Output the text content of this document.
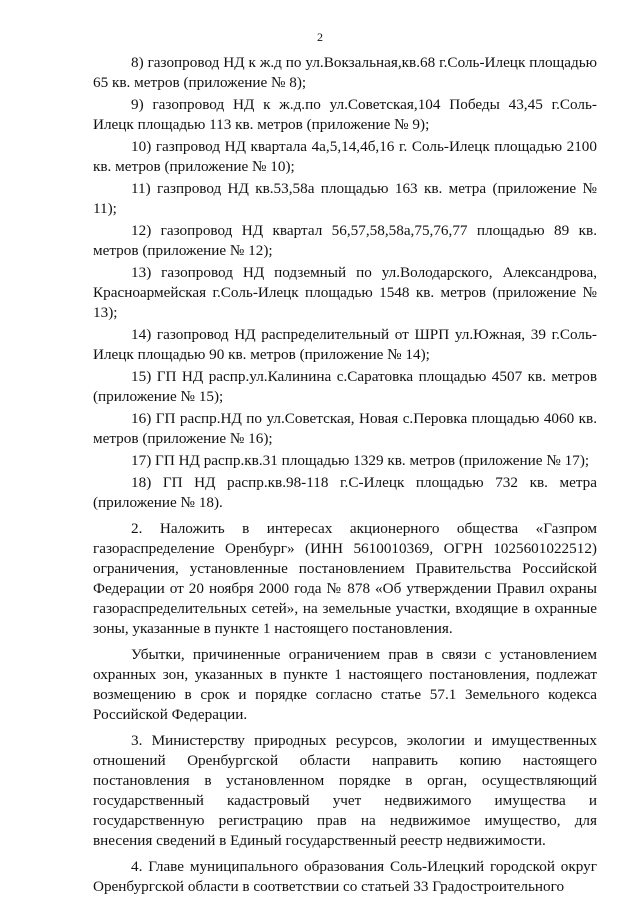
2

8) газопровод НД к ж.д по ул.Вокзальная,кв.68 г.Соль-Илецк площадью 65 кв. метров (приложение № 8);

9) газопровод НД к ж.д.по ул.Советская,104 Победы 43,45 г.Соль-Илецк площадью 113 кв. метров (приложение № 9);

10) газпровод НД квартала 4а,5,14,4б,16 г. Соль-Илецк площадью 2100 кв. метров (приложение № 10);

11) газпровод НД кв.53,58а площадью 163 кв. метра (приложение № 11);

12) газопровод НД квартал 56,57,58,58а,75,76,77 площадью 89 кв. метров (приложение № 12);

13) газопровод НД подземный по ул.Володарского, Александрова, Красноармейская г.Соль-Илецк площадью 1548 кв. метров (приложение № 13);

14) газопровод НД распределительный от ШРП ул.Южная, 39 г.Соль-Илецк площадью 90 кв. метров (приложение № 14);

15) ГП НД распр.ул.Калинина с.Саратовка площадью 4507 кв. метров (приложение № 15);

16) ГП распр.НД по ул.Советская, Новая с.Перовка площадью 4060 кв. метров (приложение № 16);

17) ГП НД распр.кв.31 площадью 1329 кв. метров (приложение № 17);

18) ГП НД распр.кв.98-118 г.С-Илецк площадью 732 кв. метра (приложение № 18).

2. Наложить в интересах акционерного общества «Газпром газораспределение Оренбург» (ИНН 5610010369, ОГРН 1025601022512) ограничения, установленные постановлением Правительства Российской Федерации от 20 ноября 2000 года № 878 «Об утверждении Правил охраны газораспределительных сетей», на земельные участки, входящие в охранные зоны, указанные в пункте 1 настоящего постановления.

Убытки, причиненные ограничением прав в связи с установлением охранных зон, указанных в пункте 1 настоящего постановления, подлежат возмещению в срок и порядке согласно статье 57.1 Земельного кодекса Российской Федерации.

3. Министерству природных ресурсов, экологии и имущественных отношений Оренбургской области направить копию настоящего постановления в установленном порядке в орган, осуществляющий государственный кадастровый учет недвижимого имущества и государственную регистрацию прав на недвижимое имущество, для внесения сведений в Единый государственный реестр недвижимости.

4. Главе муниципального образования Соль-Илецкий городской округ Оренбургской области в соответствии со статьей 33 Градостроительного
